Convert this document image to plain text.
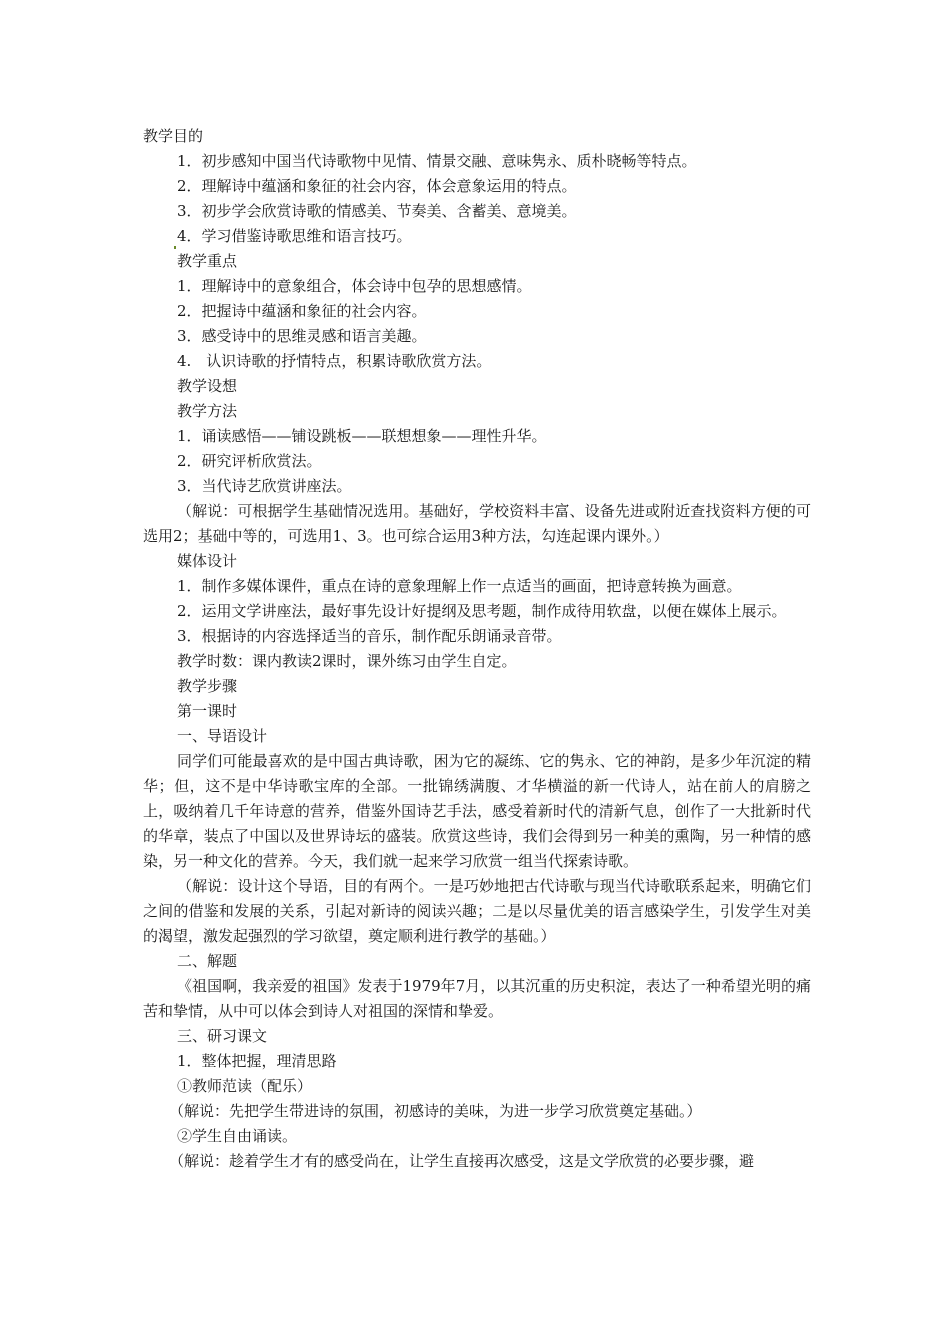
教学目的
1．初步感知中国当代诗歌物中见情、情景交融、意味隽永、质朴晓畅等特点。
2．理解诗中蕴涵和象征的社会内容，体会意象运用的特点。
3．初步学会欣赏诗歌的情感美、节奏美、含蓄美、意境美。
4．学习借鉴诗歌思维和语言技巧。
教学重点
1．理解诗中的意象组合，体会诗中包孕的思想感情。
2．把握诗中蕴涵和象征的社会内容。
3．感受诗中的思维灵感和语言美趣。
4.　认识诗歌的抒情特点，积累诗歌欣赏方法。
教学设想
教学方法
1．诵读感悟——铺设跳板——联想想象——理性升华。
2．研究评析欣赏法。
3．当代诗艺欣赏讲座法。

（解说：可根据学生基础情况选用。基础好，学校资料丰富、设备先进或附近查找资料方便的可选用2；基础中等的，可选用1、3。也可综合运用3种方法，勾连起课内课外。）

媒体设计
1．制作多媒体课件，重点在诗的意象理解上作一点适当的画面，把诗意转换为画意。

2．运用文学讲座法，最好事先设计好提纲及思考题，制作成待用软盘，以便在媒体上展示。

3．根据诗的内容选择适当的音乐，制作配乐朗诵录音带。
教学时数：课内教读2课时，课外练习由学生自定。
教学步骤
第一课时
一、导语设计

同学们可能最喜欢的是中国古典诗歌，困为它的凝练、它的隽永、它的神韵，是多少年沉淀的精华；但，这不是中华诗歌宝库的全部。一批锦绣满腹、才华横溢的新一代诗人，站在前人的肩膀之上，吸纳着几千年诗意的营养，借鉴外国诗艺手法，感受着新时代的清新气息，创作了一大批新时代的华章，装点了中国以及世界诗坛的盛装。欣赏这些诗，我们会得到另一种美的熏陶，另一种情的感染，另一种文化的营养。今天，我们就一起来学习欣赏一组当代探索诗歌。

（解说：设计这个导语，目的有两个。一是巧妙地把古代诗歌与现当代诗歌联系起来，明确它们之间的借鉴和发展的关系，引起对新诗的阅读兴趣；二是以尽量优美的语言感染学生，引发学生对美的渴望，激发起强烈的学习欲望，奠定顺利进行教学的基础。）

二、解题

《祖国啊，我亲爱的祖国》发表于1979年7月，以其沉重的历史积淀，表达了一种希望光明的痛苦和挚情，从中可以体会到诗人对祖国的深情和挚爱。

三、研习课文
1．整体把握，理清思路
①教师范读（配乐）
（解说：先把学生带进诗的氛围，初感诗的美味，为进一步学习欣赏奠定基础。）
②学生自由诵读。

（解说：趁着学生才有的感受尚在，让学生直接再次感受，这是文学欣赏的必要步骤，避
